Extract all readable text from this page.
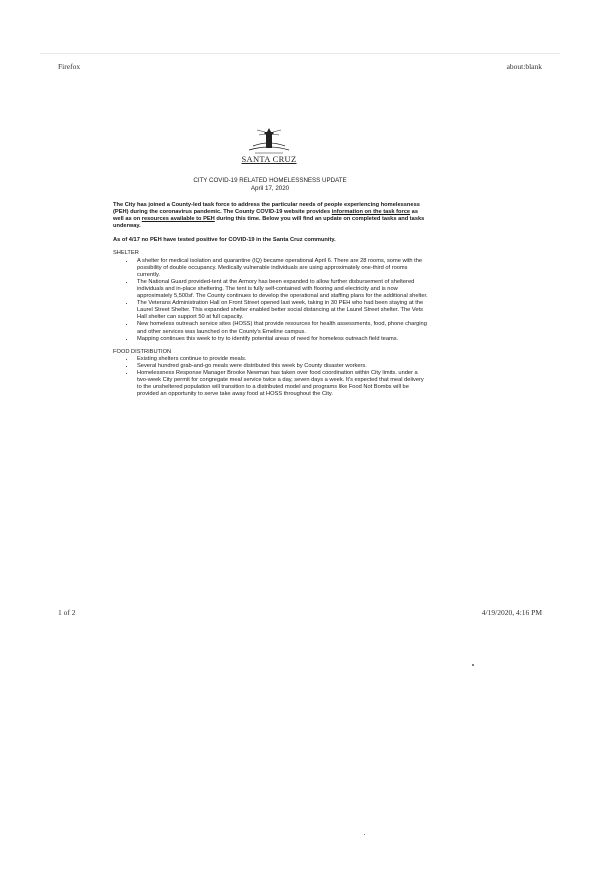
Firefox	about:blank
SANTA CRUZ
CITY COVID-19 RELATED HOMELESSNESS UPDATE
April 17, 2020

The City has joined a County-led task force to address the particular needs of people experiencing homelessness (PEH) during the coronavirus pandemic. The County COVID-19 website provides information on the task force as well as on resources available to PEH during this time. Below you will find an update on completed tasks and tasks underway.

As of 4/17 no PEH have tested positive for COVID-19 in the Santa Cruz community.

SHELTER

• A shelter for medical isolation and quarantine (IQ) became operational April 6. There are 28 rooms, some with the possibility of double occupancy. Medically vulnerable individuals are using approximately one-third of rooms currently.
• The National Guard provided-tent at the Armory has been expanded to allow further disbursement of sheltered individuals and in-place sheltering. The tent is fully self-contained with flooring and electricity and is now approximately 5,500sf. The County continues to develop the operational and staffing plans for the additional shelter.
• The Veterans Administration Hall on Front Street opened last week, taking in 30 PEH who had been staying at the Laurel Street Shelter. This expanded shelter enabled better social distancing at the Laurel Street shelter. The Vets Hall shelter can support 50 at full capacity.
• New homeless outreach service sites (HOSS) that provide resources for health assessments, food, phone charging and other services was launched on the County's Emeline campus.
• Mapping continues this week to try to identify potential areas of need for homeless outreach field teams.

FOOD DISTRIBUTION

• Existing shelters continue to provide meals.
• Several hundred grab-and-go meals were distributed this week by County disaster workers.
• Homelessness Response Manager Brooke Newman has taken over food coordination within City limits. under a two-week City permit for congregate meal service twice a day, seven days a week. It's expected that meal delivery to the unsheltered population will transition to a distributed model and programs like Food Not Bombs will be provided an opportunity to serve take away food at HOSS throughout the City.
1 of 2	4/19/2020, 4:16 PM
